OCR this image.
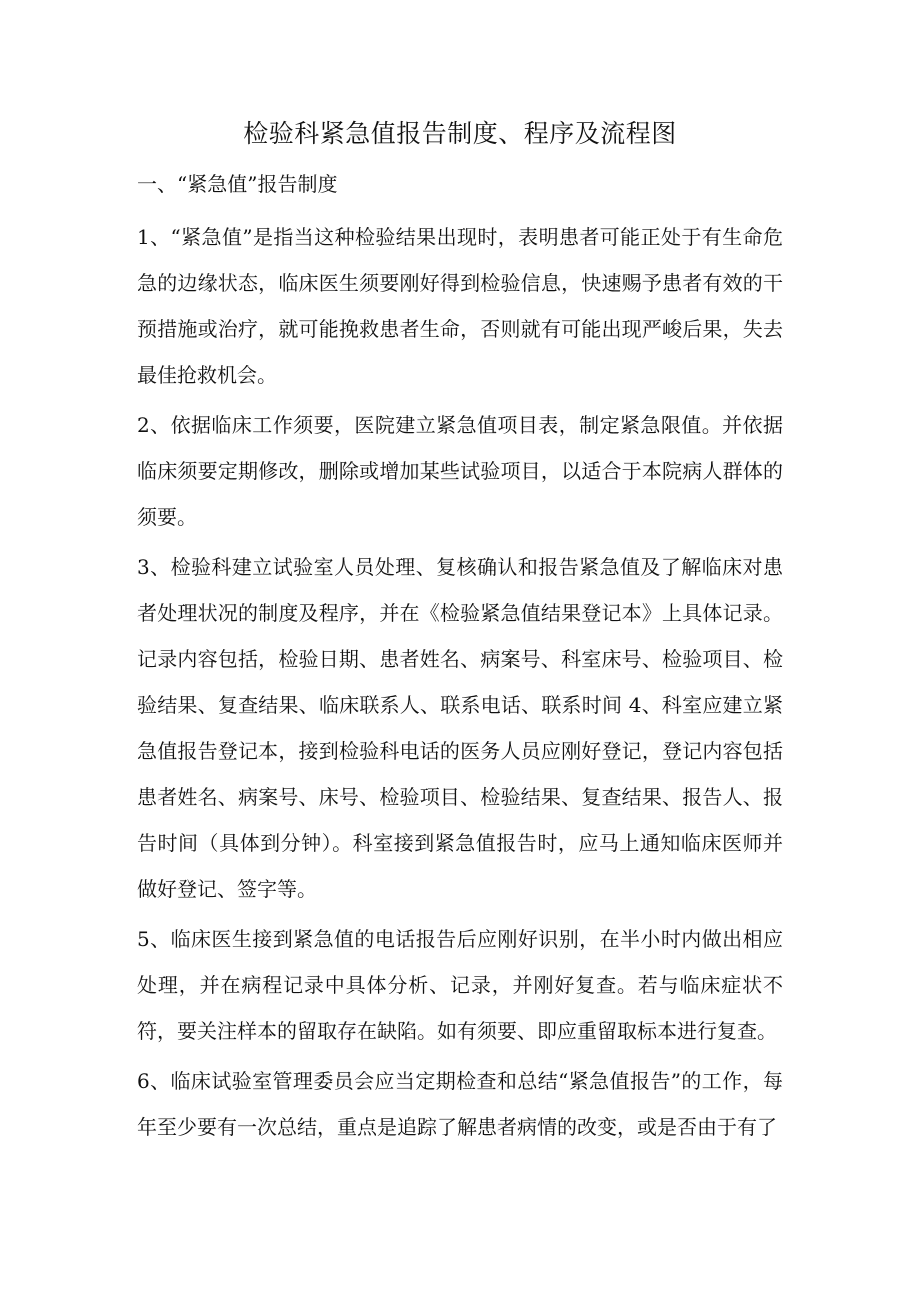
检验科紧急值报告制度、程序及流程图
一、“紧急值”报告制度

1、“紧急值”是指当这种检验结果出现时，表明患者可能正处于有生命危急的边缘状态，临床医生须要刚好得到检验信息，快速赐予患者有效的干预措施或治疗，就可能挽救患者生命，否则就有可能出现严峻后果，失去最佳抢救机会。

2、依据临床工作须要，医院建立紧急值项目表，制定紧急限值。并依据临床须要定期修改，删除或增加某些试验项目，以适合于本院病人群体的须要。

3、检验科建立试验室人员处理、复核确认和报告紧急值及了解临床对患者处理状况的制度及程序，并在《检验紧急值结果登记本》上具体记录。记录内容包括，检验日期、患者姓名、病案号、科室床号、检验项目、检验结果、复查结果、临床联系人、联系电话、联系时间 4、科室应建立紧急值报告登记本，接到检验科电话的医务人员应刚好登记，登记内容包括患者姓名、病案号、床号、检验项目、检验结果、复查结果、报告人、报告时间（具体到分钟）。科室接到紧急值报告时，应马上通知临床医师并做好登记、签字等。

5、临床医生接到紧急值的电话报告后应刚好识别，在半小时内做出相应处理，并在病程记录中具体分析、记录，并刚好复查。若与临床症状不符，要关注样本的留取存在缺陷。如有须要、即应重留取标本进行复查。

6、临床试验室管理委员会应当定期检查和总结“紧急值报告”的工作，每年至少要有一次总结，重点是追踪了解患者病情的改变，或是否由于有了
